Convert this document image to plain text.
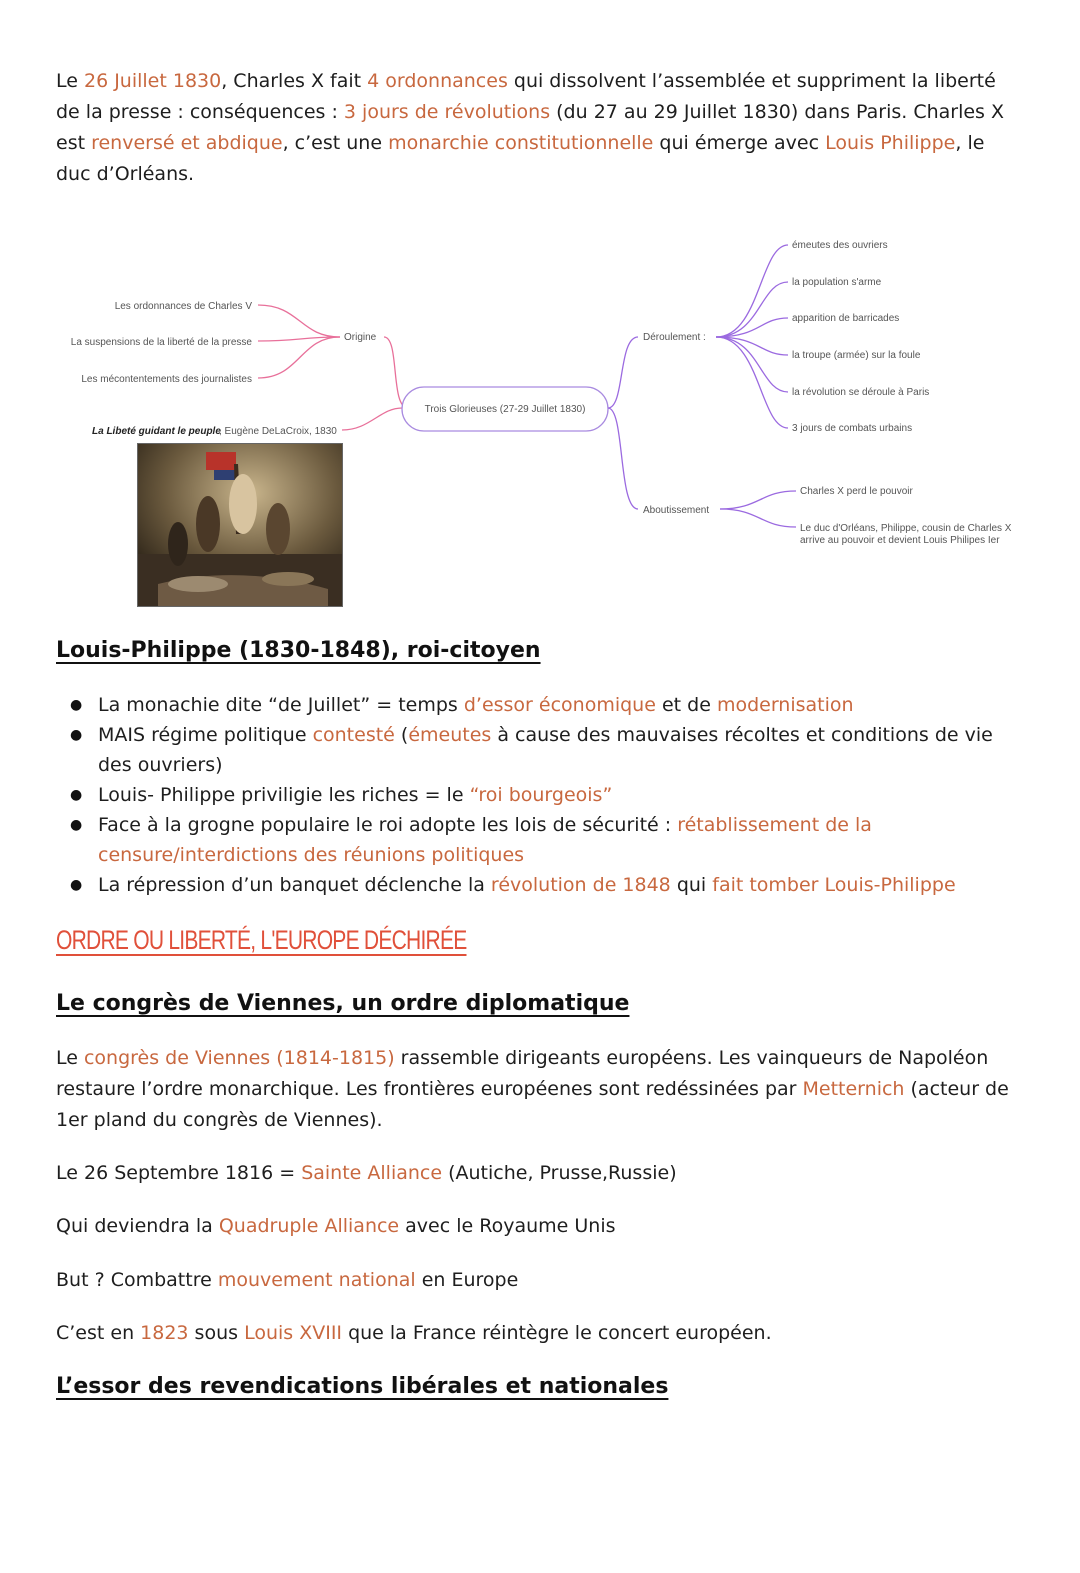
Le 26 Juillet 1830, Charles X fait 4 ordonnances qui dissolvent l’assemblée et suppriment la liberté de la presse : conséquences : 3 jours de révolutions (du 27 au 29 Juillet 1830) dans Paris. Charles X est renversé et abdique, c’est une monarchie constitutionnelle qui émerge avec Louis Philippe, le duc d’Orléans.

Les ordonnances de Charles V
La suspensions de la liberté de la presse
Les mécontentements des journalistes
Origine
La Libeté guidant le peuple
, Eugène DeLaCroix, 1830
Trois Glorieuses (27-29 Juillet 1830)
Déroulement :
émeutes des ouvriers
la population s'arme
apparition de barricades
la troupe (armée) sur la foule
la révolution se déroule à Paris
3 jours de combats urbains
Aboutissement
Charles X perd le pouvoir
Le duc d'Orléans, Philippe, cousin de Charles X
arrive au pouvoir et devient Louis Philipes Ier
Louis-Philippe (1830-1848), roi-citoyen
● La monachie dite “de Juillet” = temps d’essor économique et de modernisation
● MAIS régime politique contesté (émeutes à cause des mauvaises récoltes et conditions de vie des ouvriers)
● Louis- Philippe priviligie les riches = le “roi bourgeois”
● Face à la grogne populaire le roi adopte les lois de sécurité : rétablissement de la censure/interdictions des réunions politiques
● La répression d’un banquet déclenche la révolution de 1848 qui fait tomber Louis-Philippe
ORDRE OU LIBERTÉ, L'EUROPE DÉCHIRÉE
Le congrès de Viennes, un ordre diplomatique

Le congrès de Viennes (1814-1815) rassemble dirigeants européens. Les vainqueurs de Napoléon restaure l’ordre monarchique. Les frontières européenes sont redéssinées par Metternich (acteur de 1er pland du congrès de Viennes).

Le 26 Septembre 1816 = Sainte Alliance (Autiche, Prusse,Russie)

Qui deviendra la Quadruple Alliance avec le Royaume Unis

But ? Combattre mouvement national en Europe

C’est en 1823 sous Louis XVIII que la France réintègre le concert européen.

L’essor des revendications libérales et nationales
